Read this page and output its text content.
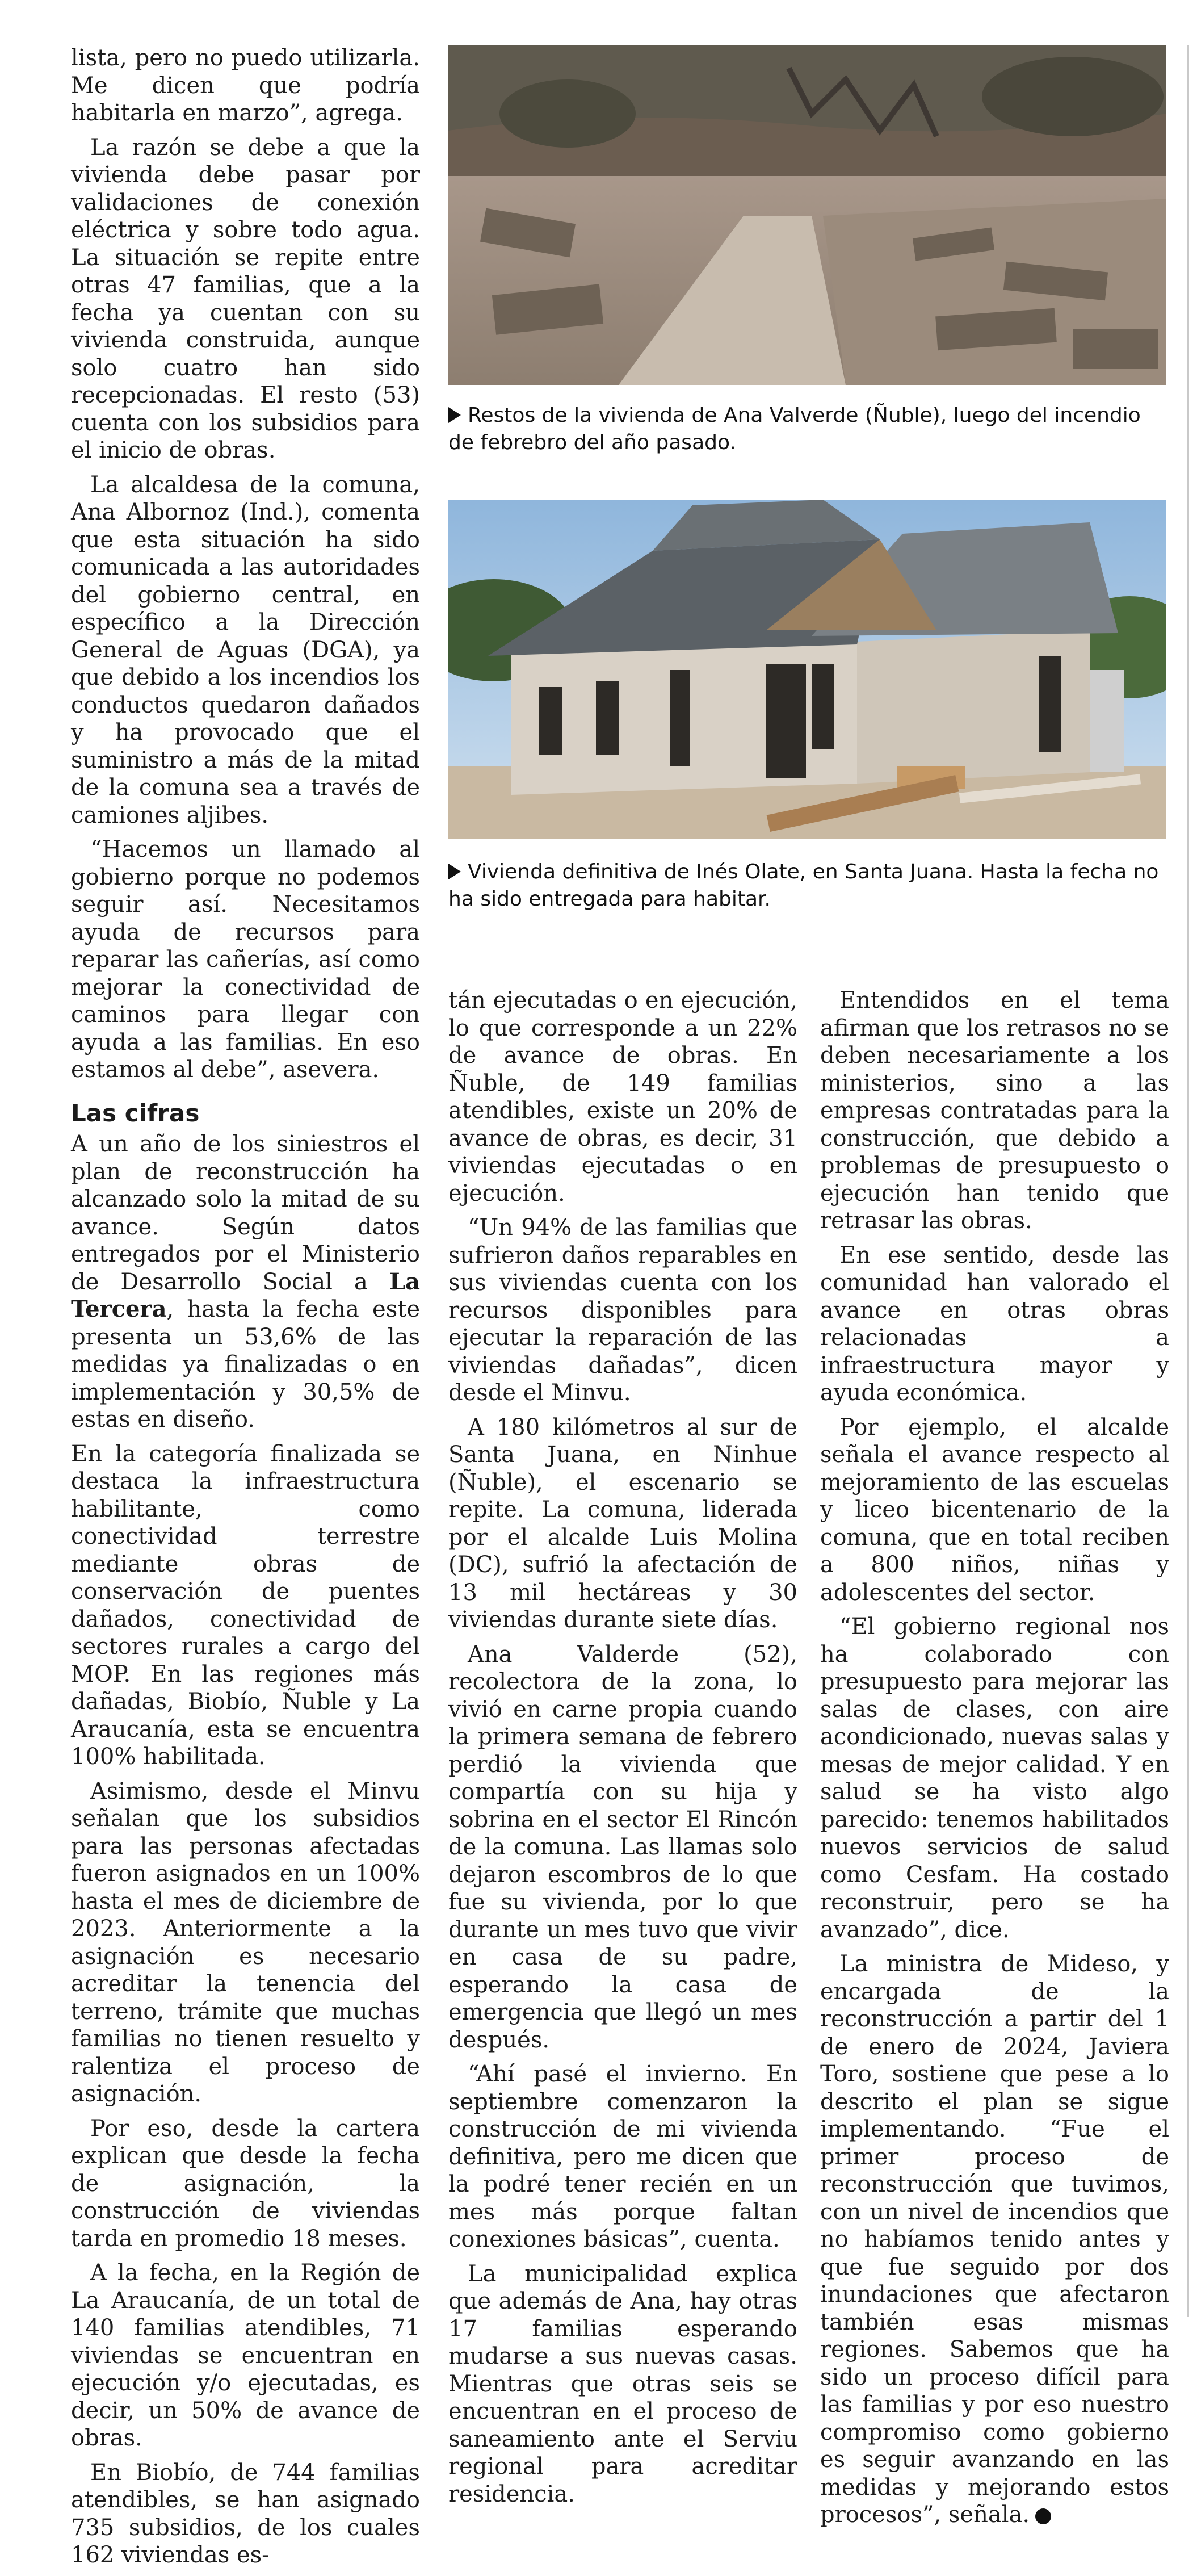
lista, pero no puedo utilizarla. Me dicen que podría habitarla en marzo”, agrega.

La razón se debe a que la vivienda debe pasar por validaciones de conexión eléctrica y sobre todo agua. La situación se repite entre otras 47 familias, que a la fecha ya cuentan con su vivienda construida, aunque solo cuatro han sido recepcionadas. El resto (53) cuenta con los subsidios para el inicio de obras.

La alcaldesa de la comuna, Ana Albornoz (Ind.), comenta que esta situación ha sido comunicada a las autoridades del gobierno central, en específico a la Dirección General de Aguas (DGA), ya que debido a los incendios los conductos quedaron dañados y ha provocado que el suministro a más de la mitad de la comuna sea a través de camiones aljibes.

“Hacemos un llamado al gobierno porque no podemos seguir así. Necesitamos ayuda de recursos para reparar las cañerías, así como mejorar la conectividad de caminos para llegar con ayuda a las familias. En eso estamos al debe”, asevera.

Las cifras

A un año de los siniestros el plan de reconstrucción ha alcanzado solo la mitad de su avance. Según datos entregados por el Ministerio de Desarrollo Social a La Tercera, hasta la fecha este presenta un 53,6% de las medidas ya finalizadas o en implementación y 30,5% de estas en diseño.

En la categoría finalizada se destaca la infraestructura habilitante, como conectividad terrestre mediante obras de conservación de puentes dañados, conectividad de sectores rurales a cargo del MOP. En las regiones más dañadas, Biobío, Ñuble y La Araucanía, esta se encuentra 100% habilitada.

Asimismo, desde el Minvu señalan que los subsidios para las personas afectadas fueron asignados en un 100% hasta el mes de diciembre de 2023. Anteriormente a la asignación es necesario acreditar la tenencia del terreno, trámite que muchas familias no tienen resuelto y ralentiza el proceso de asignación.

Por eso, desde la cartera explican que desde la fecha de asignación, la construcción de viviendas tarda en promedio 18 meses.

A la fecha, en la Región de La Araucanía, de un total de 140 familias atendibles, 71 viviendas se encuentran en ejecución y/o ejecutadas, es decir, un 50% de avance de obras.

En Biobío, de 744 familias atendibles, se han asignado 735 subsidios, de los cuales 162 viviendas es-

Restos de la vivienda de Ana Valverde (Ñuble), luego del incendio de febrebro del año pasado.
Vivienda definitiva de Inés Olate, en Santa Juana. Hasta la fecha no ha sido entregada para habitar.

tán ejecutadas o en ejecución, lo que corresponde a un 22% de avance de obras. En Ñuble, de 149 familias atendibles, existe un 20% de avance de obras, es decir, 31 viviendas ejecutadas o en ejecución.

“Un 94% de las familias que sufrieron daños reparables en sus viviendas cuenta con los recursos disponibles para ejecutar la reparación de las viviendas dañadas”, dicen desde el Minvu.

A 180 kilómetros al sur de Santa Juana, en Ninhue (Ñuble), el escenario se repite. La comuna, liderada por el alcalde Luis Molina (DC), sufrió la afectación de 13 mil hectáreas y 30 viviendas durante siete días.

Ana Valderde (52), recolectora de la zona, lo vivió en carne propia cuando la primera semana de febrero perdió la vivienda que compartía con su hija y sobrina en el sector El Rincón de la comuna. Las llamas solo dejaron escombros de lo que fue su vivienda, por lo que durante un mes tuvo que vivir en casa de su padre, esperando la casa de emergencia que llegó un mes después.

“Ahí pasé el invierno. En septiembre comenzaron la construcción de mi vivienda definitiva, pero me dicen que la podré tener recién en un mes más porque faltan conexiones básicas”, cuenta.

La municipalidad explica que además de Ana, hay otras 17 familias esperando mudarse a sus nuevas casas. Mientras que otras seis se encuentran en el proceso de saneamiento ante el Serviu regional para acreditar residencia.

Entendidos en el tema afirman que los retrasos no se deben necesariamente a los ministerios, sino a las empresas contratadas para la construcción, que debido a problemas de presupuesto o ejecución han tenido que retrasar las obras.

En ese sentido, desde las comunidad han valorado el avance en otras obras relacionadas a infraestructura mayor y ayuda económica.

Por ejemplo, el alcalde señala el avance respecto al mejoramiento de las escuelas y liceo bicentenario de la comuna, que en total reciben a 800 niños, niñas y adolescentes del sector.

“El gobierno regional nos ha colaborado con presupuesto para mejorar las salas de clases, con aire acondicionado, nuevas salas y mesas de mejor calidad. Y en salud se ha visto algo parecido: tenemos habilitados nuevos servicios de salud como Cesfam. Ha costado reconstruir, pero se ha avanzado”, dice.

La ministra de Mideso, y encargada de la reconstrucción a partir del 1 de enero de 2024, Javiera Toro, sostiene que pese a lo descrito el plan se sigue implementando. “Fue el primer proceso de reconstrucción que tuvimos, con un nivel de incendios que no habíamos tenido antes y que fue seguido por dos inundaciones que afectaron también esas mismas regiones. Sabemos que ha sido un proceso difícil para las familias y por eso nuestro compromiso como gobierno es seguir avanzando en las medidas y mejorando estos procesos”, señala.
